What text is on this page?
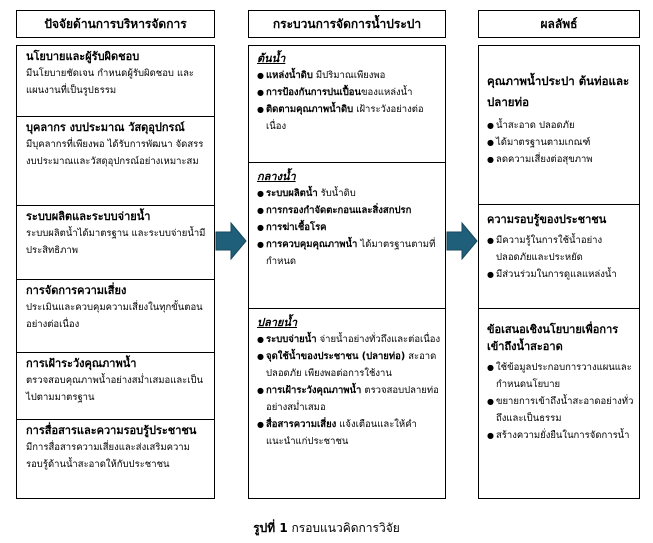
ปัจจัยด้านการบริหารจัดการ	กระบวนการจัดการน้ำประปา	ผลลัพธ์
นโยบายและผู้รับผิดชอบ
มีนโยบายชัดเจน กำหนดผู้รับผิดชอบ และแผนงานที่เป็นรูปธรรม
บุคลากร งบประมาณ วัสดุอุปกรณ์
มีบุคลากรที่เพียงพอ ได้รับการพัฒนา จัดสรรงบประมาณและวัสดุอุปกรณ์อย่างเหมาะสม
ระบบผลิตและระบบจ่ายน้ำ
ระบบผลิตน้ำได้มาตรฐาน และระบบจ่ายน้ำมีประสิทธิภาพ
การจัดการความเสี่ยง
ประเมินและควบคุมความเสี่ยงในทุกขั้นตอนอย่างต่อเนื่อง
การเฝ้าระวังคุณภาพน้ำ
ตรวจสอบคุณภาพน้ำอย่างสม่ำเสมอและเป็นไปตามมาตรฐาน
การสื่อสารและความรอบรู้ประชาชน
มีการสื่อสารความเสี่ยงและส่งเสริมความรอบรู้ด้านน้ำสะอาดให้กับประชาชน
ต้นน้ำ
● แหล่งน้ำดิบ มีปริมาณเพียงพอ
● การป้องกันการปนเปื้อนของแหล่งน้ำ
● ติดตามคุณภาพน้ำดิบ เฝ้าระวังอย่างต่อเนื่อง
กลางน้ำ
● ระบบผลิตน้ำ รับน้ำดิบ
● การกรองกำจัดตะกอนและสิ่งสกปรก
● การฆ่าเชื้อโรค
● การควบคุมคุณภาพน้ำ ได้มาตรฐานตามที่กำหนด
ปลายน้ำ
● ระบบจ่ายน้ำ จ่ายน้ำอย่างทั่วถึงและต่อเนื่อง
● จุดใช้น้ำของประชาชน (ปลายท่อ) สะอาด ปลอดภัย เพียงพอต่อการใช้งาน
● การเฝ้าระวังคุณภาพน้ำ ตรวจสอบปลายท่ออย่างสม่ำเสมอ
● สื่อสารความเสี่ยง แจ้งเตือนและให้คำแนะนำแก่ประชาชน
คุณภาพน้ำประปา ต้นท่อและปลายท่อ
● น้ำสะอาด ปลอดภัย
● ได้มาตรฐานตามเกณฑ์
● ลดความเสี่ยงต่อสุขภาพ
ความรอบรู้ของประชาชน
● มีความรู้ในการใช้น้ำอย่างปลอดภัยและประหยัด
● มีส่วนร่วมในการดูแลแหล่งน้ำ
ข้อเสนอเชิงนโยบายเพื่อการเข้าถึงน้ำสะอาด
● ใช้ข้อมูลประกอบการวางแผนและกำหนดนโยบาย
● ขยายการเข้าถึงน้ำสะอาดอย่างทั่วถึงและเป็นธรรม
● สร้างความยั่งยืนในการจัดการน้ำ
รูปที่ 1 กรอบแนวคิดการวิจัย
